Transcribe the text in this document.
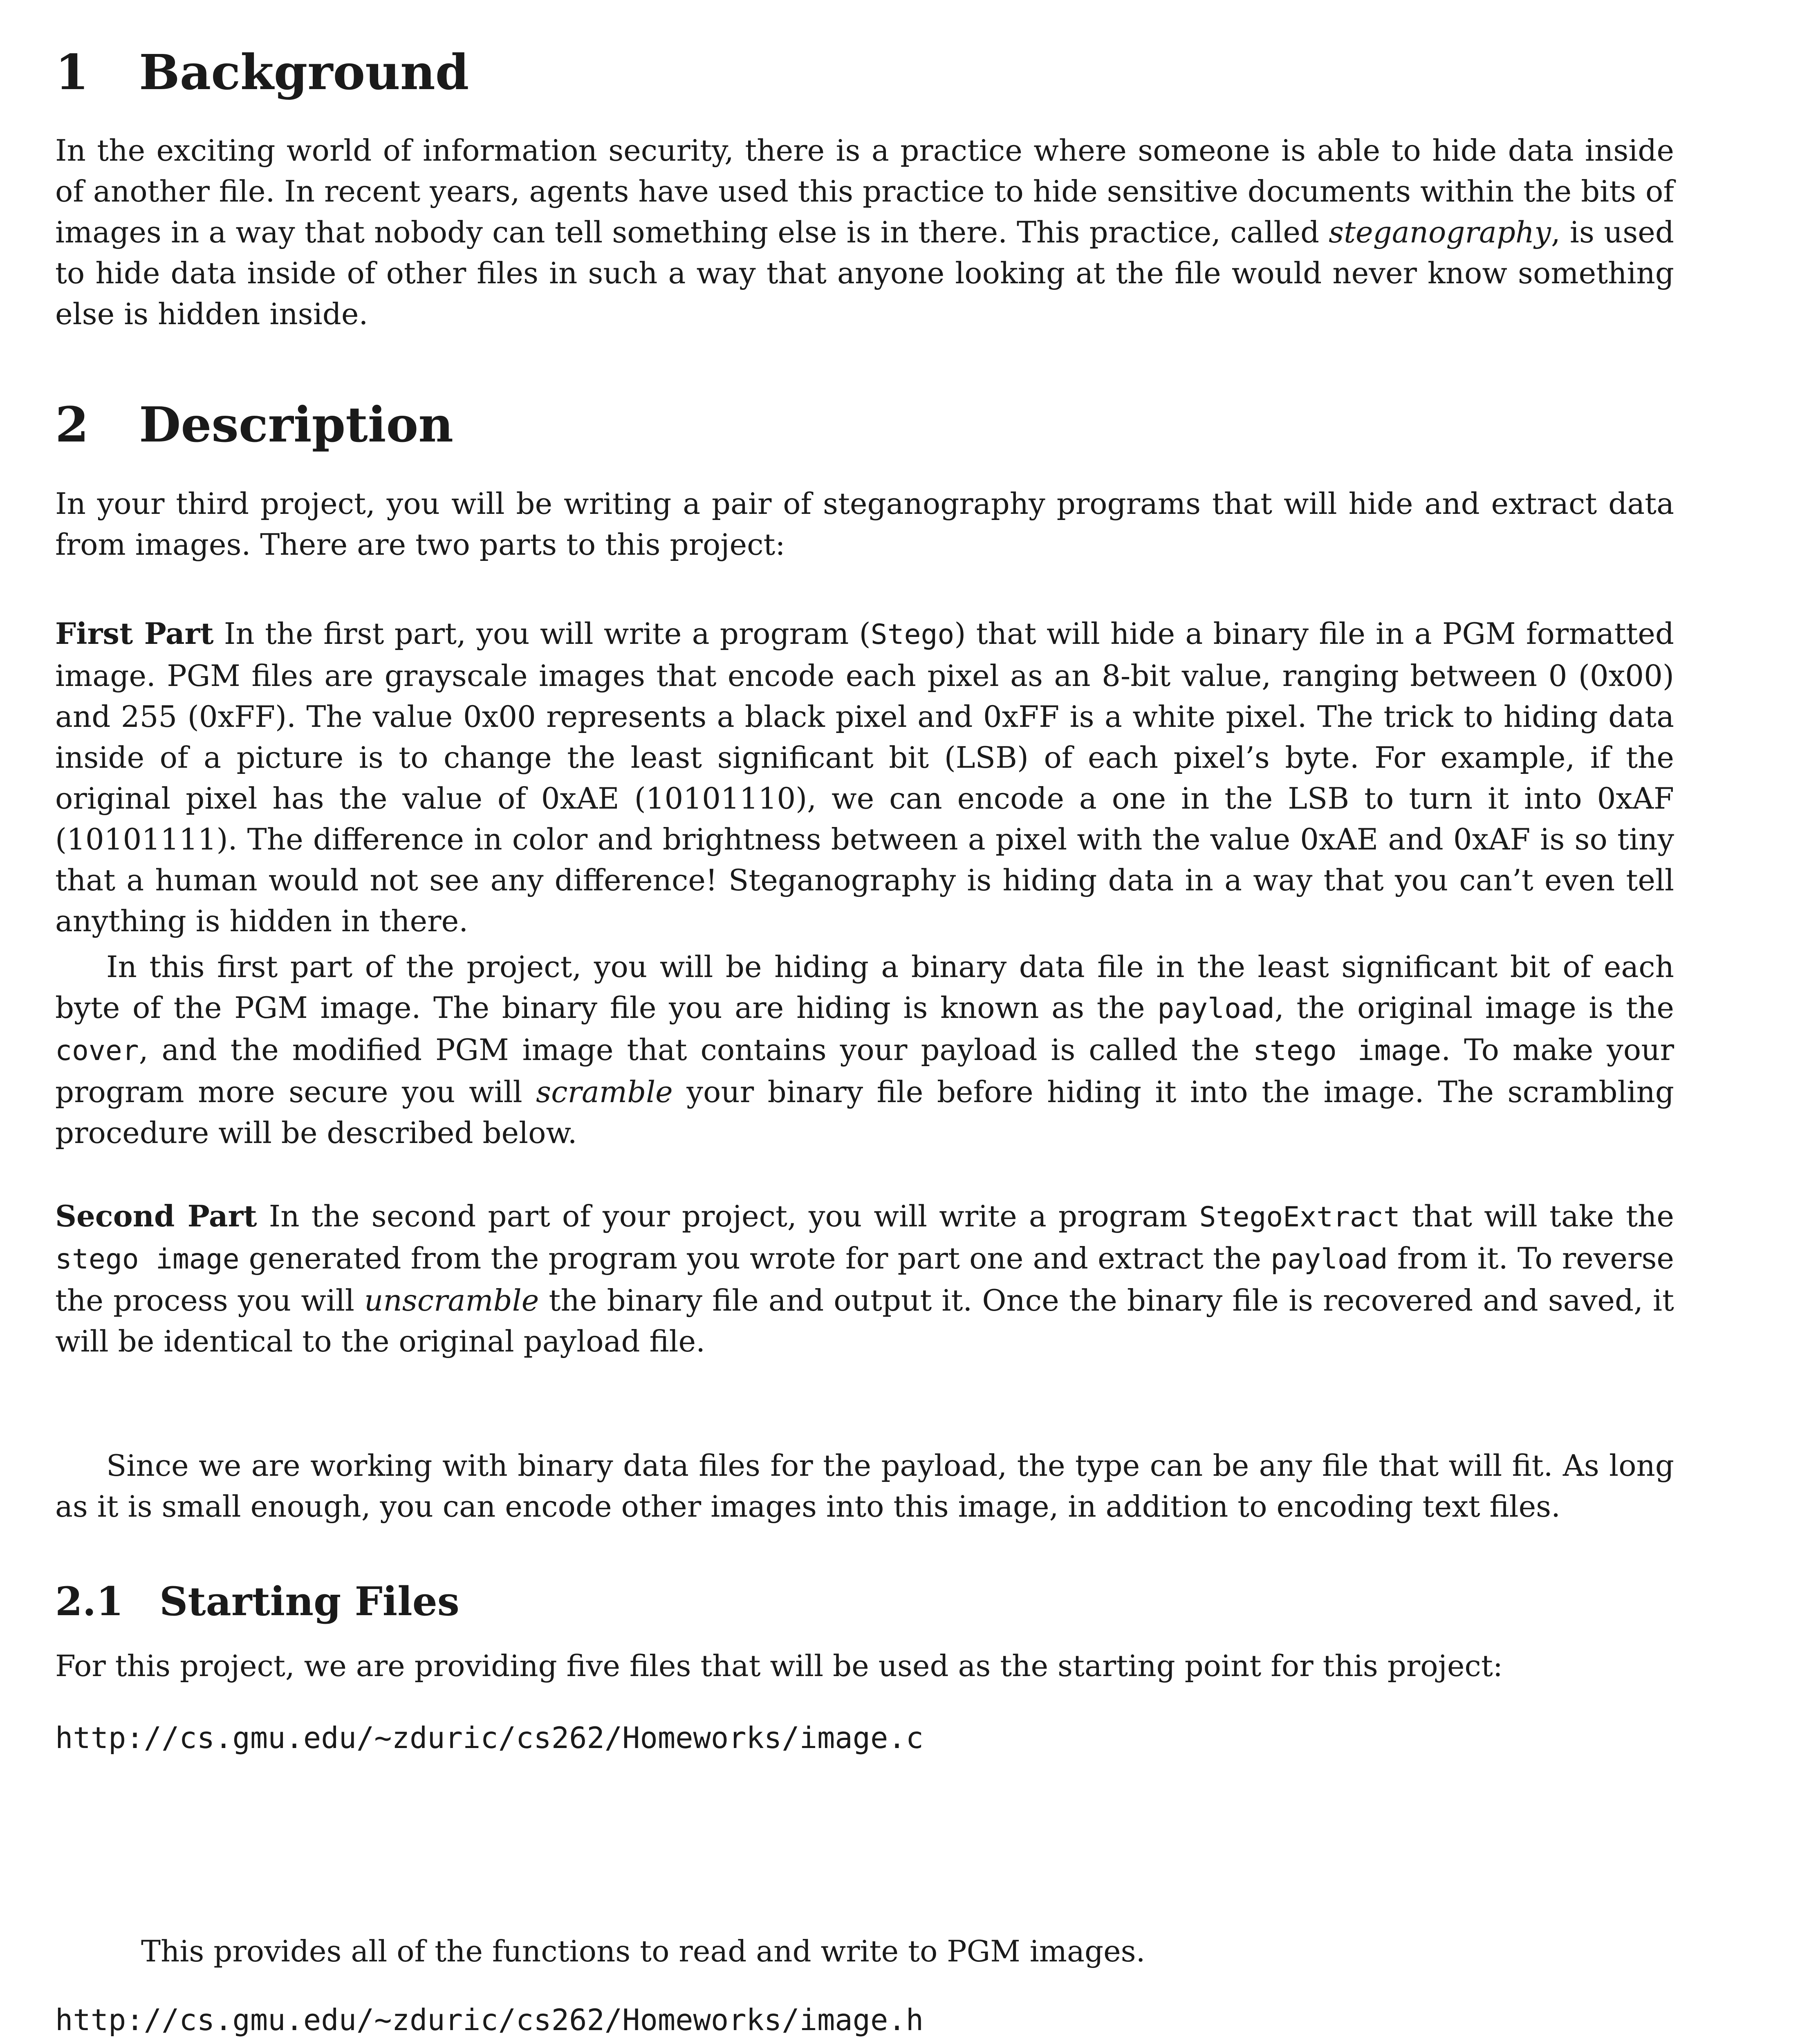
1 Background
In the exciting world of information security, there is a practice where someone is able to hide data inside of another file. In recent years, agents have used this practice to hide sensitive documents within the bits of images in a way that nobody can tell something else is in there. This practice, called steganography, is used to hide data inside of other files in such a way that anyone looking at the file would never know something else is hidden inside.
2 Description
In your third project, you will be writing a pair of steganography programs that will hide and extract data from images. There are two parts to this project:
First Part In the first part, you will write a program (Stego) that will hide a binary file in a PGM formatted image. PGM files are grayscale images that encode each pixel as an 8-bit value, ranging between 0 (0x00) and 255 (0xFF). The value 0x00 represents a black pixel and 0xFF is a white pixel. The trick to hiding data inside of a picture is to change the least significant bit (LSB) of each pixel’s byte. For example, if the original pixel has the value of 0xAE (10101110), we can encode a one in the LSB to turn it into 0xAF (10101111). The difference in color and brightness between a pixel with the value 0xAE and 0xAF is so tiny that a human would not see any difference! Steganography is hiding data in a way that you can’t even tell anything is hidden in there.
In this first part of the project, you will be hiding a binary data file in the least significant bit of each byte of the PGM image. The binary file you are hiding is known as the payload, the original image is the cover, and the modified PGM image that contains your payload is called the stego image. To make your program more secure you will scramble your binary file before hiding it into the image. The scrambling procedure will be described below.
Second Part In the second part of your project, you will write a program StegoExtract that will take the stego image generated from the program you wrote for part one and extract the payload from it. To reverse the process you will unscramble the binary file and output it. Once the binary file is recovered and saved, it will be identical to the original payload file.
Since we are working with binary data files for the payload, the type can be any file that will fit. As long as it is small enough, you can encode other images into this image, in addition to encoding text files.
2.1 Starting Files
For this project, we are providing five files that will be used as the starting point for this project:
http://cs.gmu.edu/~zduric/cs262/Homeworks/image.c
This provides all of the functions to read and write to PGM images.
http://cs.gmu.edu/~zduric/cs262/Homeworks/image.h
